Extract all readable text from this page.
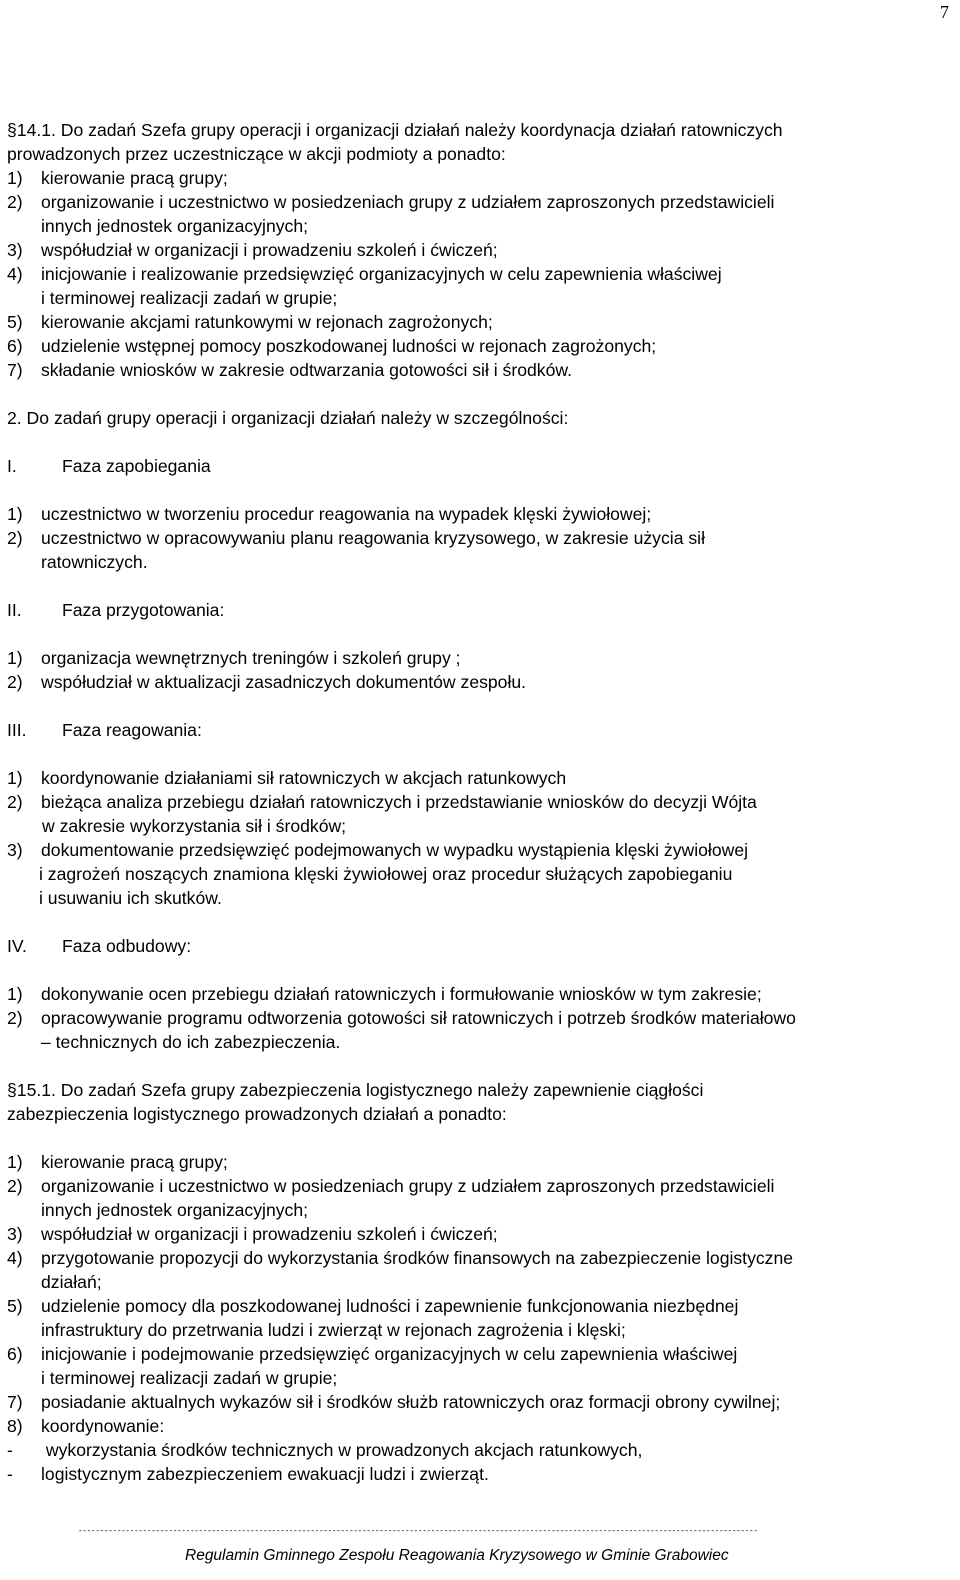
7
§14.1. Do zadań Szefa grupy operacji i organizacji działań należy koordynacja działań ratowniczych
prowadzonych przez uczestniczące w akcji podmioty a ponadto:
1) kierowanie pracą grupy;
2) organizowanie i uczestnictwo w posiedzeniach grupy z udziałem zaproszonych przedstawicieli
innych jednostek organizacyjnych;
3) współudział w organizacji i prowadzeniu szkoleń i ćwiczeń;
4) inicjowanie i realizowanie przedsięwzięć organizacyjnych w celu zapewnienia właściwej
i terminowej realizacji zadań w grupie;
5) kierowanie akcjami ratunkowymi w rejonach zagrożonych;
6) udzielenie wstępnej pomocy poszkodowanej ludności w rejonach zagrożonych;
7) składanie wniosków w zakresie odtwarzania gotowości sił i środków.
2. Do zadań grupy operacji i organizacji działań należy w szczególności:
I.	Faza zapobiegania
1) uczestnictwo w tworzeniu procedur reagowania na wypadek klęski żywiołowej;
2) uczestnictwo w opracowywaniu planu reagowania kryzysowego, w zakresie użycia sił
ratowniczych.
II. Faza przygotowania:
1) organizacja wewnętrznych treningów i szkoleń grupy ;
2) współudział w aktualizacji zasadniczych dokumentów zespołu.
III. Faza reagowania:
1) koordynowanie działaniami sił ratowniczych w akcjach ratunkowych
2) bieżąca analiza przebiegu działań ratowniczych i przedstawianie wniosków do decyzji Wójta
w zakresie wykorzystania sił i środków;
3) dokumentowanie przedsięwzięć podejmowanych w wypadku wystąpienia klęski żywiołowej
i zagrożeń noszących znamiona klęski żywiołowej oraz procedur służących zapobieganiu
i usuwaniu ich skutków.
IV. Faza odbudowy:
1) dokonywanie ocen przebiegu działań ratowniczych i formułowanie wniosków w tym zakresie;
2) opracowywanie programu odtworzenia gotowości sił ratowniczych i potrzeb środków materiałowo
– technicznych do ich zabezpieczenia.
§15.1. Do zadań Szefa grupy zabezpieczenia logistycznego należy zapewnienie ciągłości
zabezpieczenia logistycznego prowadzonych działań a ponadto:
1) kierowanie pracą grupy;
2) organizowanie i uczestnictwo w posiedzeniach grupy z udziałem zaproszonych przedstawicieli
innych jednostek organizacyjnych;
3) współudział w organizacji i prowadzeniu szkoleń i ćwiczeń;
4) przygotowanie propozycji do wykorzystania środków finansowych na zabezpieczenie logistyczne
działań;
5) udzielenie pomocy dla poszkodowanej ludności i zapewnienie funkcjonowania niezbędnej
infrastruktury do przetrwania ludzi i zwierząt w rejonach zagrożenia i klęski;
6) inicjowanie i podejmowanie przedsięwzięć organizacyjnych w celu zapewnienia właściwej
i terminowej realizacji zadań w grupie;
7) posiadanie aktualnych wykazów sił i środków służb ratowniczych oraz formacji obrony cywilnej;
8) koordynowanie:
- wykorzystania środków technicznych w prowadzonych akcjach ratunkowych,
- logistycznym zabezpieczeniem ewakuacji ludzi i zwierząt.
--------------------------------------------------------------------------------------------------------------------------------------------------------------
Regulamin Gminnego Zespołu Reagowania Kryzysowego w Gminie Grabowiec
